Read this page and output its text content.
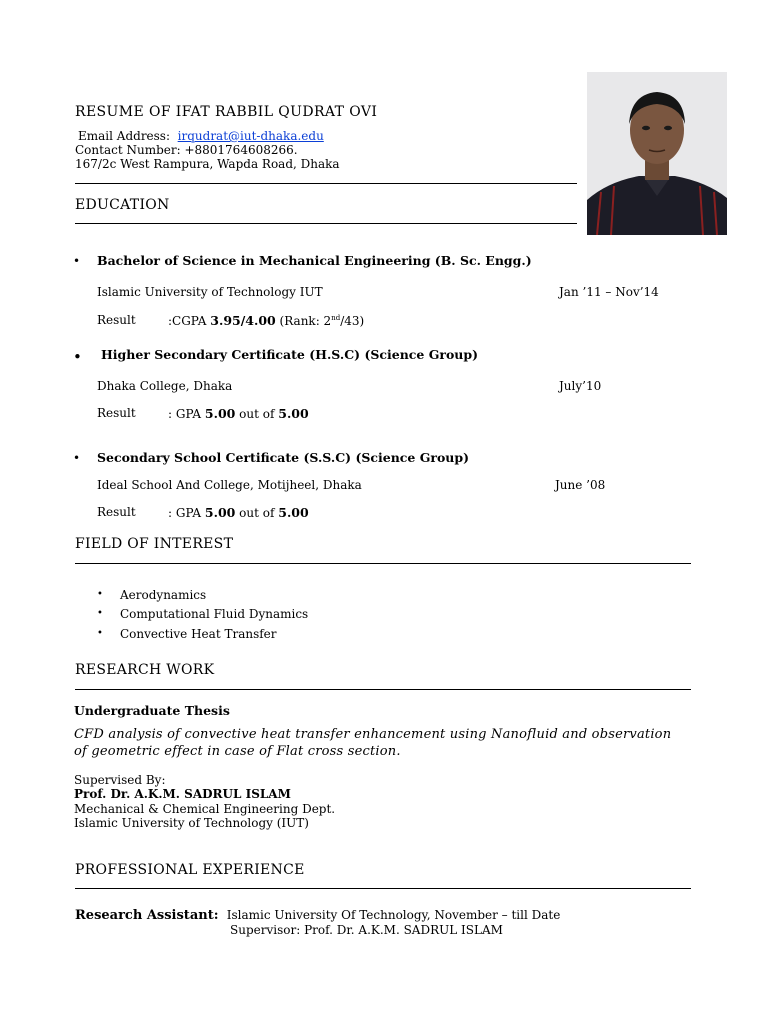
RESUME OF IFAT RABBIL QUDRAT OVI
Email Address: irqudrat@iut-dhaka.edu
Contact Number: +8801764608266.
167/2c West Rampura, Wapda Road, Dhaka
EDUCATION
• Bachelor of Science in Mechanical Engineering (B. Sc. Engg.)
Islamic University of Technology IUT	Jan ’11 – Nov’14
Result	:CGPA 3.95/4.00 (Rank: 2nd/43)
• Higher Secondary Certificate (H.S.C) (Science Group)
Dhaka College, Dhaka	July’10
Result	: GPA 5.00 out of 5.00
• Secondary School Certificate (S.S.C) (Science Group)
Ideal School And College, Motijheel, Dhaka	June ’08
Result	: GPA 5.00 out of 5.00
FIELD OF INTEREST
• Aerodynamics
• Computational Fluid Dynamics
• Convective Heat Transfer
RESEARCH WORK
Undergraduate Thesis
CFD analysis of convective heat transfer enhancement using Nanofluid and observation
of geometric effect in case of Flat cross section.
Supervised By:
Prof. Dr. A.K.M. SADRUL ISLAM
Mechanical & Chemical Engineering Dept.
Islamic University of Technology (IUT)
PROFESSIONAL EXPERIENCE
Research Assistant: Islamic University Of Technology, November – till Date
Supervisor: Prof. Dr. A.K.M. SADRUL ISLAM
